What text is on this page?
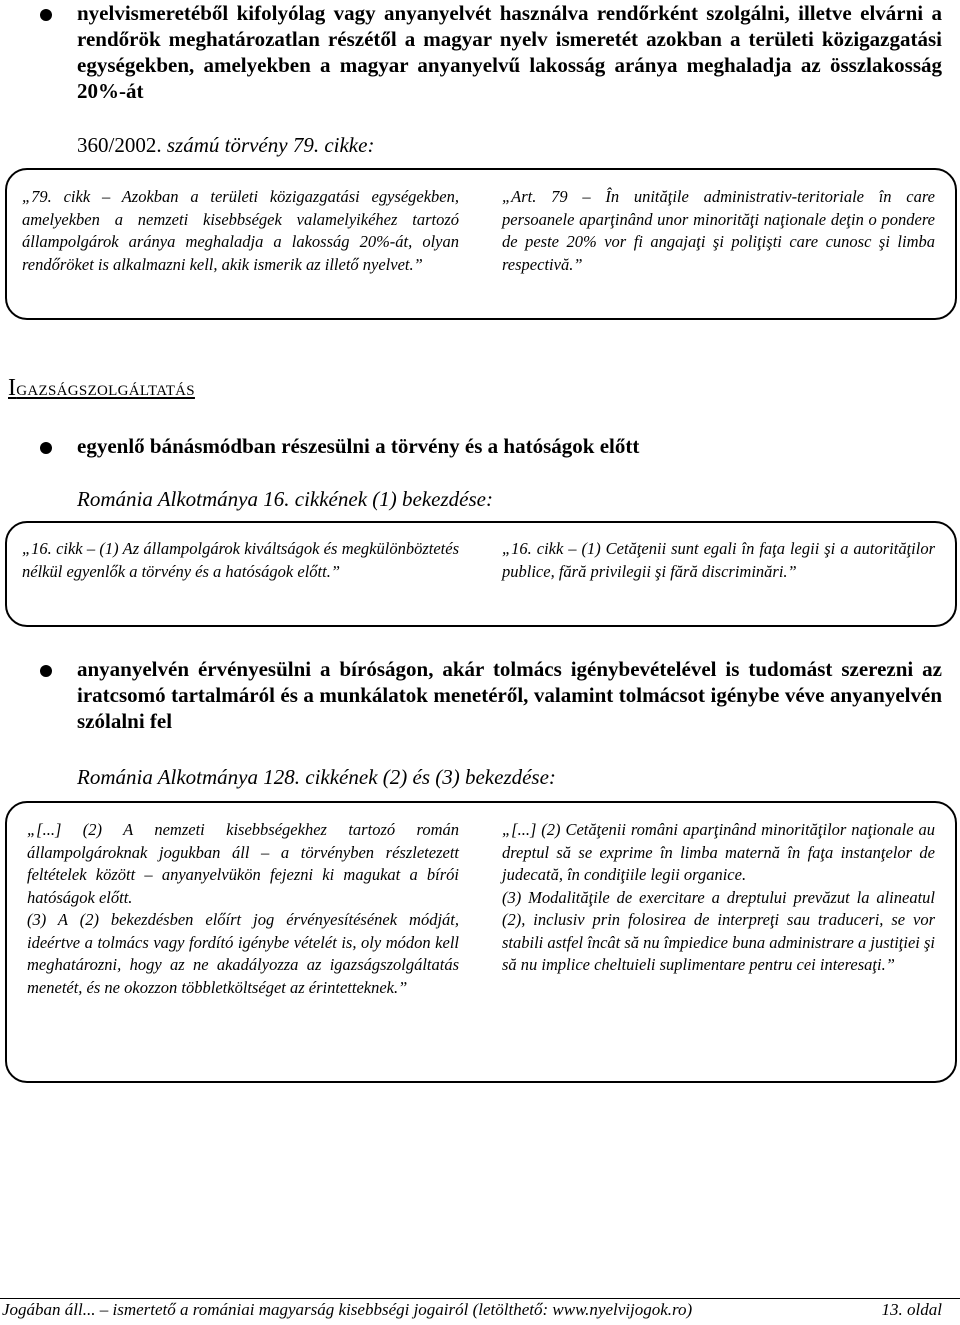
nyelvismeretéből kifolyólag vagy anyanyelvét használva rendőrként szolgálni, illetve elvárni a rendőrök meghatározatlan részétől a magyar nyelv ismeretét azokban a területi közigazgatási egységekben, amelyekben a magyar anyanyelvű lakosság aránya meghaladja az összlakosság 20%-át
360/2002. számú törvény 79. cikke:
„79. cikk – Azokban a területi közigazgatási egységekben, amelyekben a nemzeti kisebbségek valamelyikéhez tartozó állampolgárok aránya meghaladja a lakosság 20%-át, olyan rendőröket is alkalmazni kell, akik ismerik az illető nyelvet.”
„Art. 79 – În unităţile administrativ-teritoriale în care persoanele aparţinând unor minorităţi naţionale deţin o pondere de peste 20% vor fi angajaţi şi poliţişti care cunosc şi limba respectivă.”
Igazságszolgáltatás
egyenlő bánásmódban részesülni a törvény és a hatóságok előtt
Románia Alkotmánya 16. cikkének (1) bekezdése:
„16. cikk – (1) Az állampolgárok kiváltságok és megkülönböztetés nélkül egyenlők a törvény és a hatóságok előtt.”
„16. cikk – (1) Cetăţenii sunt egali în faţa legii şi a autorităţilor publice, fără privilegii şi fără discriminări.”
anyanyelvén érvényesülni a bíróságon, akár tolmács igénybevételével is tudomást szerezni az iratcsomó tartalmáról és a munkálatok menetéről, valamint tolmácsot igénybe véve anyanyelvén szólalni fel
Románia Alkotmánya 128. cikkének (2) és (3) bekezdése:
„[...] (2) A nemzeti kisebbségekhez tartozó román állampolgároknak jogukban áll – a törvényben részletezett feltételek között – anyanyelvükön fejezni ki magukat a bírói hatóságok előtt.
(3) A (2) bekezdésben előírt jog érvényesítésének módját, ideértve a tolmács vagy fordító igénybe vételét is, oly módon kell meghatározni, hogy az ne akadályozza az igazságszolgáltatás menetét, és ne okozzon többletköltséget az érintetteknek.”
„[...] (2) Cetăţenii români aparţinând minorităţilor naţionale au dreptul să se exprime în limba maternă în faţa instanţelor de judecată, în condiţiile legii organice.
(3) Modalităţile de exercitare a dreptului prevăzut la alineatul (2), inclusiv prin folosirea de interpreţi sau traduceri, se vor stabili astfel încât să nu împiedice buna administrare a justiţiei şi să nu implice cheltuieli suplimentare pentru cei interesaţi.”
Jogában áll... – ismertető a romániai magyarság kisebbségi jogairól (letölthető: www.nyelvijogok.ro)	13. oldal
